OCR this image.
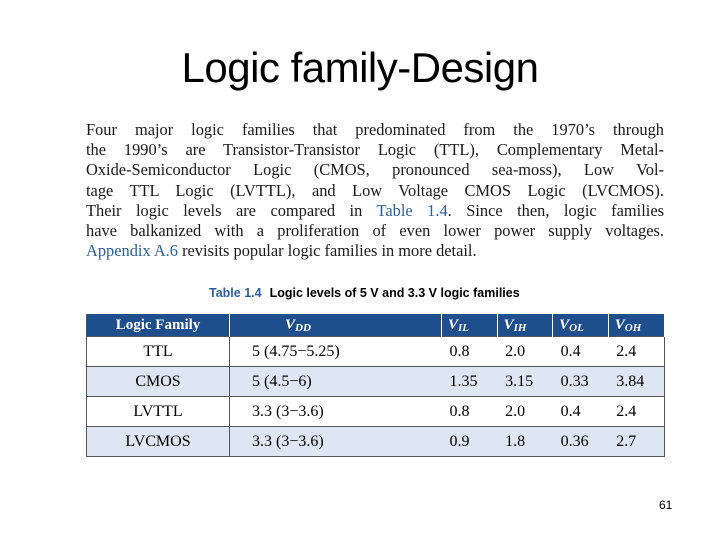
Logic family-Design
Four major logic families that predominated from the 1970’s through
the 1990’s are Transistor-Transistor Logic (TTL), Complementary Metal-
Oxide-Semiconductor Logic (CMOS, pronounced sea-moss), Low Vol-
tage TTL Logic (LVTTL), and Low Voltage CMOS Logic (LVCMOS).
Their logic levels are compared in Table 1.4. Since then, logic families
have balkanized with a proliferation of even lower power supply voltages.
Appendix A.6 revisits popular logic families in more detail.
Table 1.4 Logic levels of 5 V and 3.3 V logic families
Logic Family	VDD	VIL	VIH	VOL	VOH
TTL	5 (4.75−5.25)	0.8	2.0	0.4	2.4
CMOS	5 (4.5−6)	1.35	3.15	0.33	3.84
LVTTL	3.3 (3−3.6)	0.8	2.0	0.4	2.4
LVCMOS	3.3 (3−3.6)	0.9	1.8	0.36	2.7
61
